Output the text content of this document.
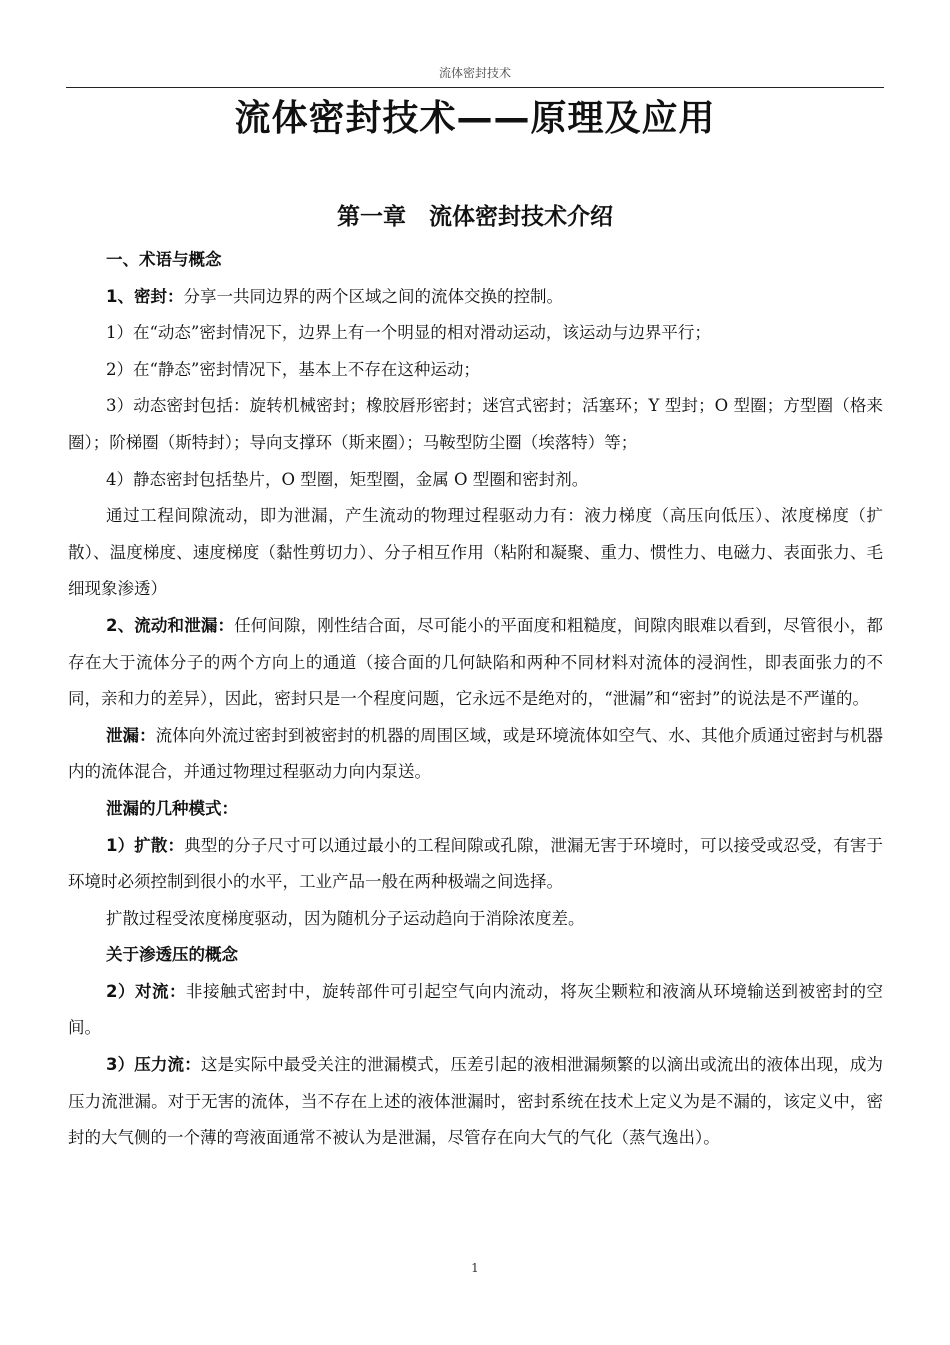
流体密封技术
流体密封技术——原理及应用
第一章　流体密封技术介绍

一、术语与概念

1、密封：分享一共同边界的两个区域之间的流体交换的控制。

1）在“动态”密封情况下，边界上有一个明显的相对滑动运动，该运动与边界平行；

2）在“静态”密封情况下，基本上不存在这种运动；

3）动态密封包括：旋转机械密封；橡胶唇形密封；迷宫式密封；活塞环；Y 型封；O 型圈；方型圈（格来圈）；阶梯圈（斯特封）；导向支撑环（斯来圈）；马鞍型防尘圈（埃落特）等；

4）静态密封包括垫片，O 型圈，矩型圈，金属 O 型圈和密封剂。

通过工程间隙流动，即为泄漏，产生流动的物理过程驱动力有：液力梯度（高压向低压）、浓度梯度（扩散）、温度梯度、速度梯度（黏性剪切力）、分子相互作用（粘附和凝聚、重力、惯性力、电磁力、表面张力、毛细现象渗透）

2、流动和泄漏：任何间隙，刚性结合面，尽可能小的平面度和粗糙度，间隙肉眼难以看到，尽管很小，都存在大于流体分子的两个方向上的通道（接合面的几何缺陷和两种不同材料对流体的浸润性，即表面张力的不同，亲和力的差异），因此，密封只是一个程度问题，它永远不是绝对的，“泄漏”和“密封”的说法是不严谨的。

泄漏：流体向外流过密封到被密封的机器的周围区域，或是环境流体如空气、水、其他介质通过密封与机器内的流体混合，并通过物理过程驱动力向内泵送。

泄漏的几种模式：

1）扩散：典型的分子尺寸可以通过最小的工程间隙或孔隙，泄漏无害于环境时，可以接受或忍受，有害于环境时必须控制到很小的水平，工业产品一般在两种极端之间选择。

扩散过程受浓度梯度驱动，因为随机分子运动趋向于消除浓度差。

关于渗透压的概念

2）对流：非接触式密封中，旋转部件可引起空气向内流动，将灰尘颗粒和液滴从环境输送到被密封的空间。

3）压力流：这是实际中最受关注的泄漏模式，压差引起的液相泄漏频繁的以滴出或流出的液体出现，成为压力流泄漏。对于无害的流体，当不存在上述的液体泄漏时，密封系统在技术上定义为是不漏的，该定义中，密封的大气侧的一个薄的弯液面通常不被认为是泄漏，尽管存在向大气的气化（蒸气逸出）。

1
